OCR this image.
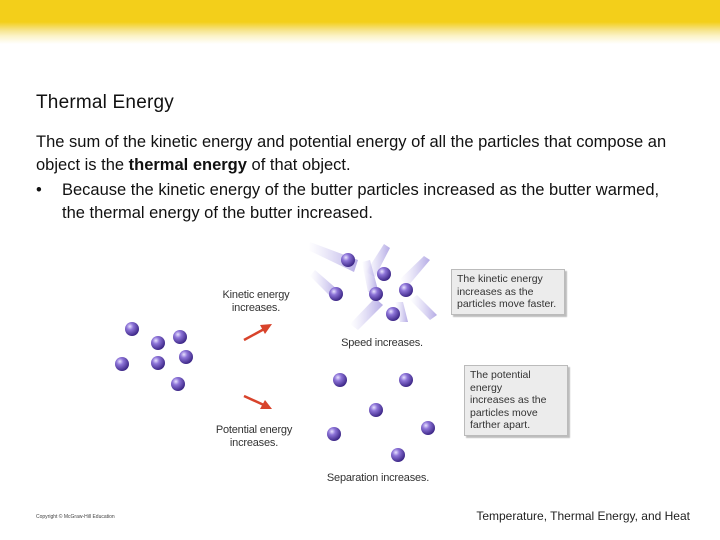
Thermal Energy
The sum of the kinetic energy and potential energy of all the particles that compose an object is the thermal energy of that object.
• Because the kinetic energy of the butter particles increased as the butter warmed, the thermal energy of the butter increased.
Kinetic energy
increases.
Potential energy
increases.
Speed increases.
Separation increases.
The kinetic energy
increases as the
particles move faster.
The potential energy
increases as the
particles move
farther apart.
Copyright © McGraw-Hill Education	Temperature, Thermal Energy, and Heat
